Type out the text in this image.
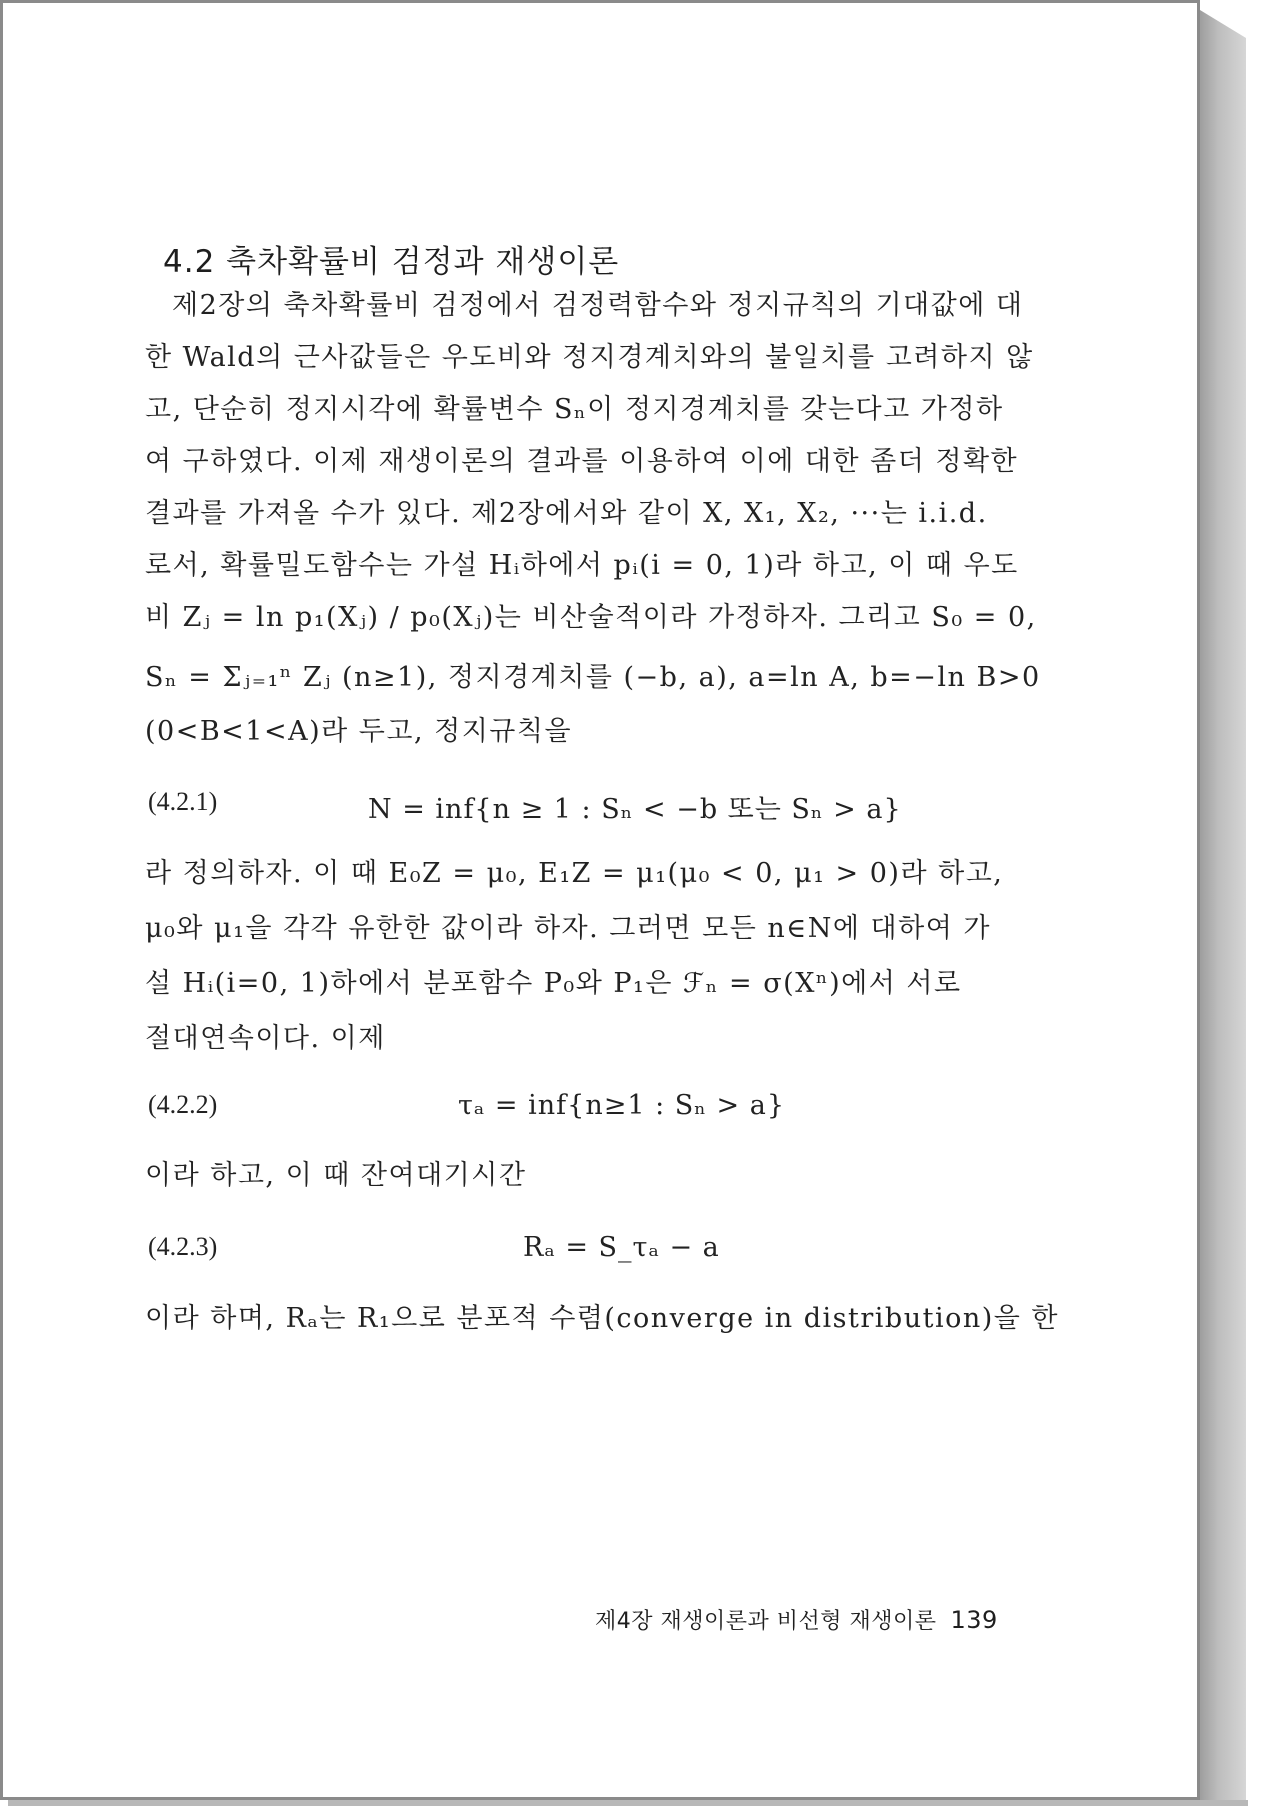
4.2 축차확률비 검정과 재생이론
제2장의 축차확률비 검정에서 검정력함수와 정지규칙의 기대값에 대
한 Wald의 근사값들은 우도비와 정지경계치와의 불일치를 고려하지 않
고, 단순히 정지시각에 확률변수 Sₙ이 정지경계치를 갖는다고 가정하
여 구하였다. 이제 재생이론의 결과를 이용하여 이에 대한 좀더 정확한
결과를 가져올 수가 있다. 제2장에서와 같이 X, X₁, X₂, ···는 i.i.d.
로서, 확률밀도함수는 가설 Hᵢ하에서 pᵢ(i = 0, 1)라 하고, 이 때 우도
비 Zⱼ = ln p₁(Xⱼ) / p₀(Xⱼ)는 비산술적이라 가정하자. 그리고 S₀ = 0,
Sₙ = Σⱼ₌₁ⁿ Zⱼ (n≥1), 정지경계치를 (−b, a), a=ln A, b=−ln B>0
(0<B<1<A)라 두고, 정지규칙을
(4.2.1)	N = inf{n ≥ 1 : Sₙ < −b 또는 Sₙ > a}
라 정의하자. 이 때 E₀Z = μ₀, E₁Z = μ₁(μ₀ < 0, μ₁ > 0)라 하고,
μ₀와 μ₁을 각각 유한한 값이라 하자. 그러면 모든 n∈N에 대하여 가
설 Hᵢ(i=0, 1)하에서 분포함수 P₀와 P₁은 ℱₙ = σ(Xⁿ)에서 서로
절대연속이다. 이제
(4.2.2)	τₐ = inf{n≥1 : Sₙ > a}
이라 하고, 이 때 잔여대기시간
(4.2.3)	Rₐ = S_τₐ − a
이라 하며, Rₐ는 R₁으로 분포적 수렴(converge in distribution)을 한
제4장 재생이론과 비선형 재생이론 139
